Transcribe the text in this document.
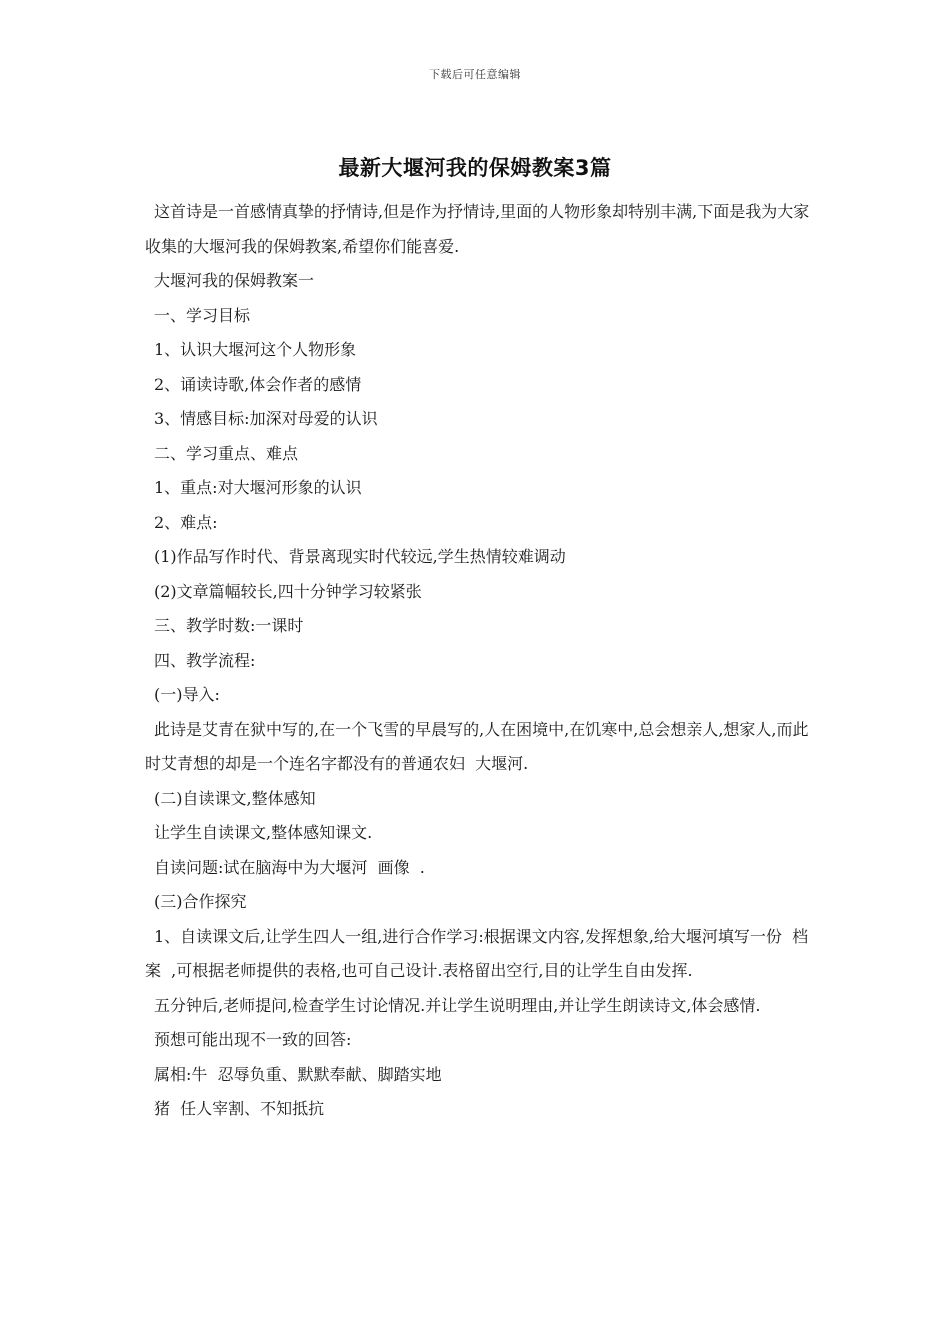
下载后可任意编辑
最新大堰河我的保姆教案3篇

这首诗是一首感情真挚的抒情诗,但是作为抒情诗,里面的人物形象却特别丰满,下面是我为大家收集的大堰河我的保姆教案,希望你们能喜爱.

大堰河我的保姆教案一

一、学习目标

1、认识大堰河这个人物形象

2、诵读诗歌,体会作者的感情

3、情感目标:加深对母爱的认识

二、学习重点、难点

1、重点:对大堰河形象的认识

2、难点:

(1)作品写作时代、背景离现实时代较远,学生热情较难调动

(2)文章篇幅较长,四十分钟学习较紧张

三、教学时数:一课时

四、教学流程:

(一)导入:

此诗是艾青在狱中写的,在一个飞雪的早晨写的,人在困境中,在饥寒中,总会想亲人,想家人,而此时艾青想的却是一个连名字都没有的普通农妇  大堰河.

(二)自读课文,整体感知

让学生自读课文,整体感知课文.

自读问题:试在脑海中为大堰河  画像  .

(三)合作探究

1、自读课文后,让学生四人一组,进行合作学习:根据课文内容,发挥想象,给大堰河填写一份  档案  ,可根据老师提供的表格,也可自己设计.表格留出空行,目的让学生自由发挥.

五分钟后,老师提问,检查学生讨论情况.并让学生说明理由,并让学生朗读诗文,体会感情.

预想可能出现不一致的回答:

属相:牛  忍辱负重、默默奉献、脚踏实地

猪  任人宰割、不知抵抗
